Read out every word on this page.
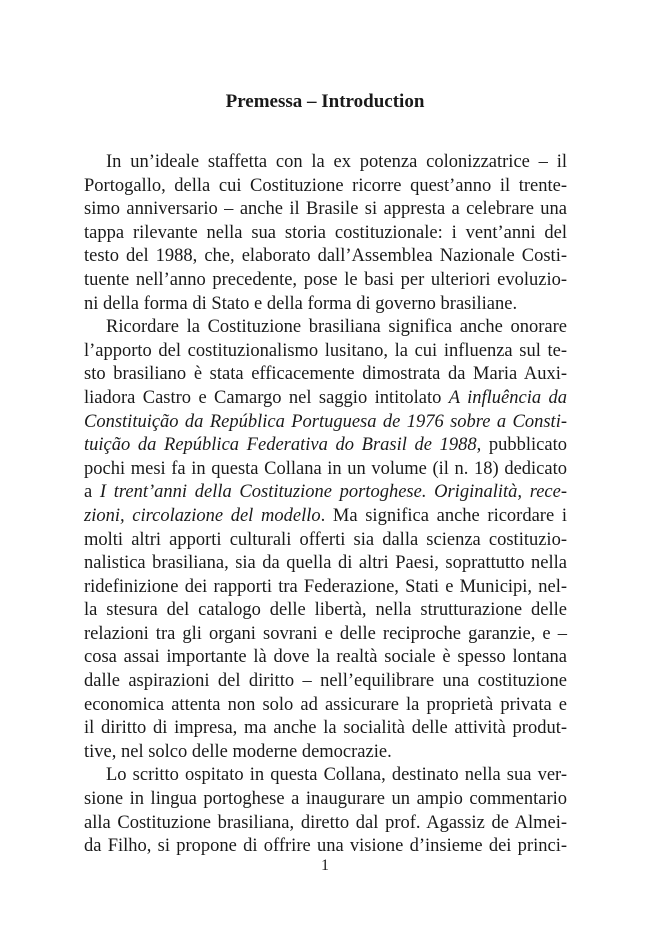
Premessa – Introduction
In un’ideale staffetta con la ex potenza colonizzatrice – il
Portogallo, della cui Costituzione ricorre quest’anno il trente-
simo anniversario – anche il Brasile si appresta a celebrare una
tappa rilevante nella sua storia costituzionale: i vent’anni del
testo del 1988, che, elaborato dall’Assemblea Nazionale Costi-
tuente nell’anno precedente, pose le basi per ulteriori evoluzio-
ni della forma di Stato e della forma di governo brasiliane.
Ricordare la Costituzione brasiliana significa anche onorare
l’apporto del costituzionalismo lusitano, la cui influenza sul te-
sto brasiliano è stata efficacemente dimostrata da Maria Auxi-
liadora Castro e Camargo nel saggio intitolato A influência da
Constituição da República Portuguesa de 1976 sobre a Consti-
tuição da República Federativa do Brasil de 1988, pubblicato
pochi mesi fa in questa Collana in un volume (il n. 18) dedicato
a I trent’anni della Costituzione portoghese. Originalità, rece-
zioni, circolazione del modello. Ma significa anche ricordare i
molti altri apporti culturali offerti sia dalla scienza costituzio-
nalistica brasiliana, sia da quella di altri Paesi, soprattutto nella
ridefinizione dei rapporti tra Federazione, Stati e Municipi, nel-
la stesura del catalogo delle libertà, nella strutturazione delle
relazioni tra gli organi sovrani e delle reciproche garanzie, e –
cosa assai importante là dove la realtà sociale è spesso lontana
dalle aspirazioni del diritto – nell’equilibrare una costituzione
economica attenta non solo ad assicurare la proprietà privata e
il diritto di impresa, ma anche la socialità delle attività produt-
tive, nel solco delle moderne democrazie.
Lo scritto ospitato in questa Collana, destinato nella sua ver-
sione in lingua portoghese a inaugurare un ampio commentario
alla Costituzione brasiliana, diretto dal prof. Agassiz de Almei-
da Filho, si propone di offrire una visione d’insieme dei princi-
1
